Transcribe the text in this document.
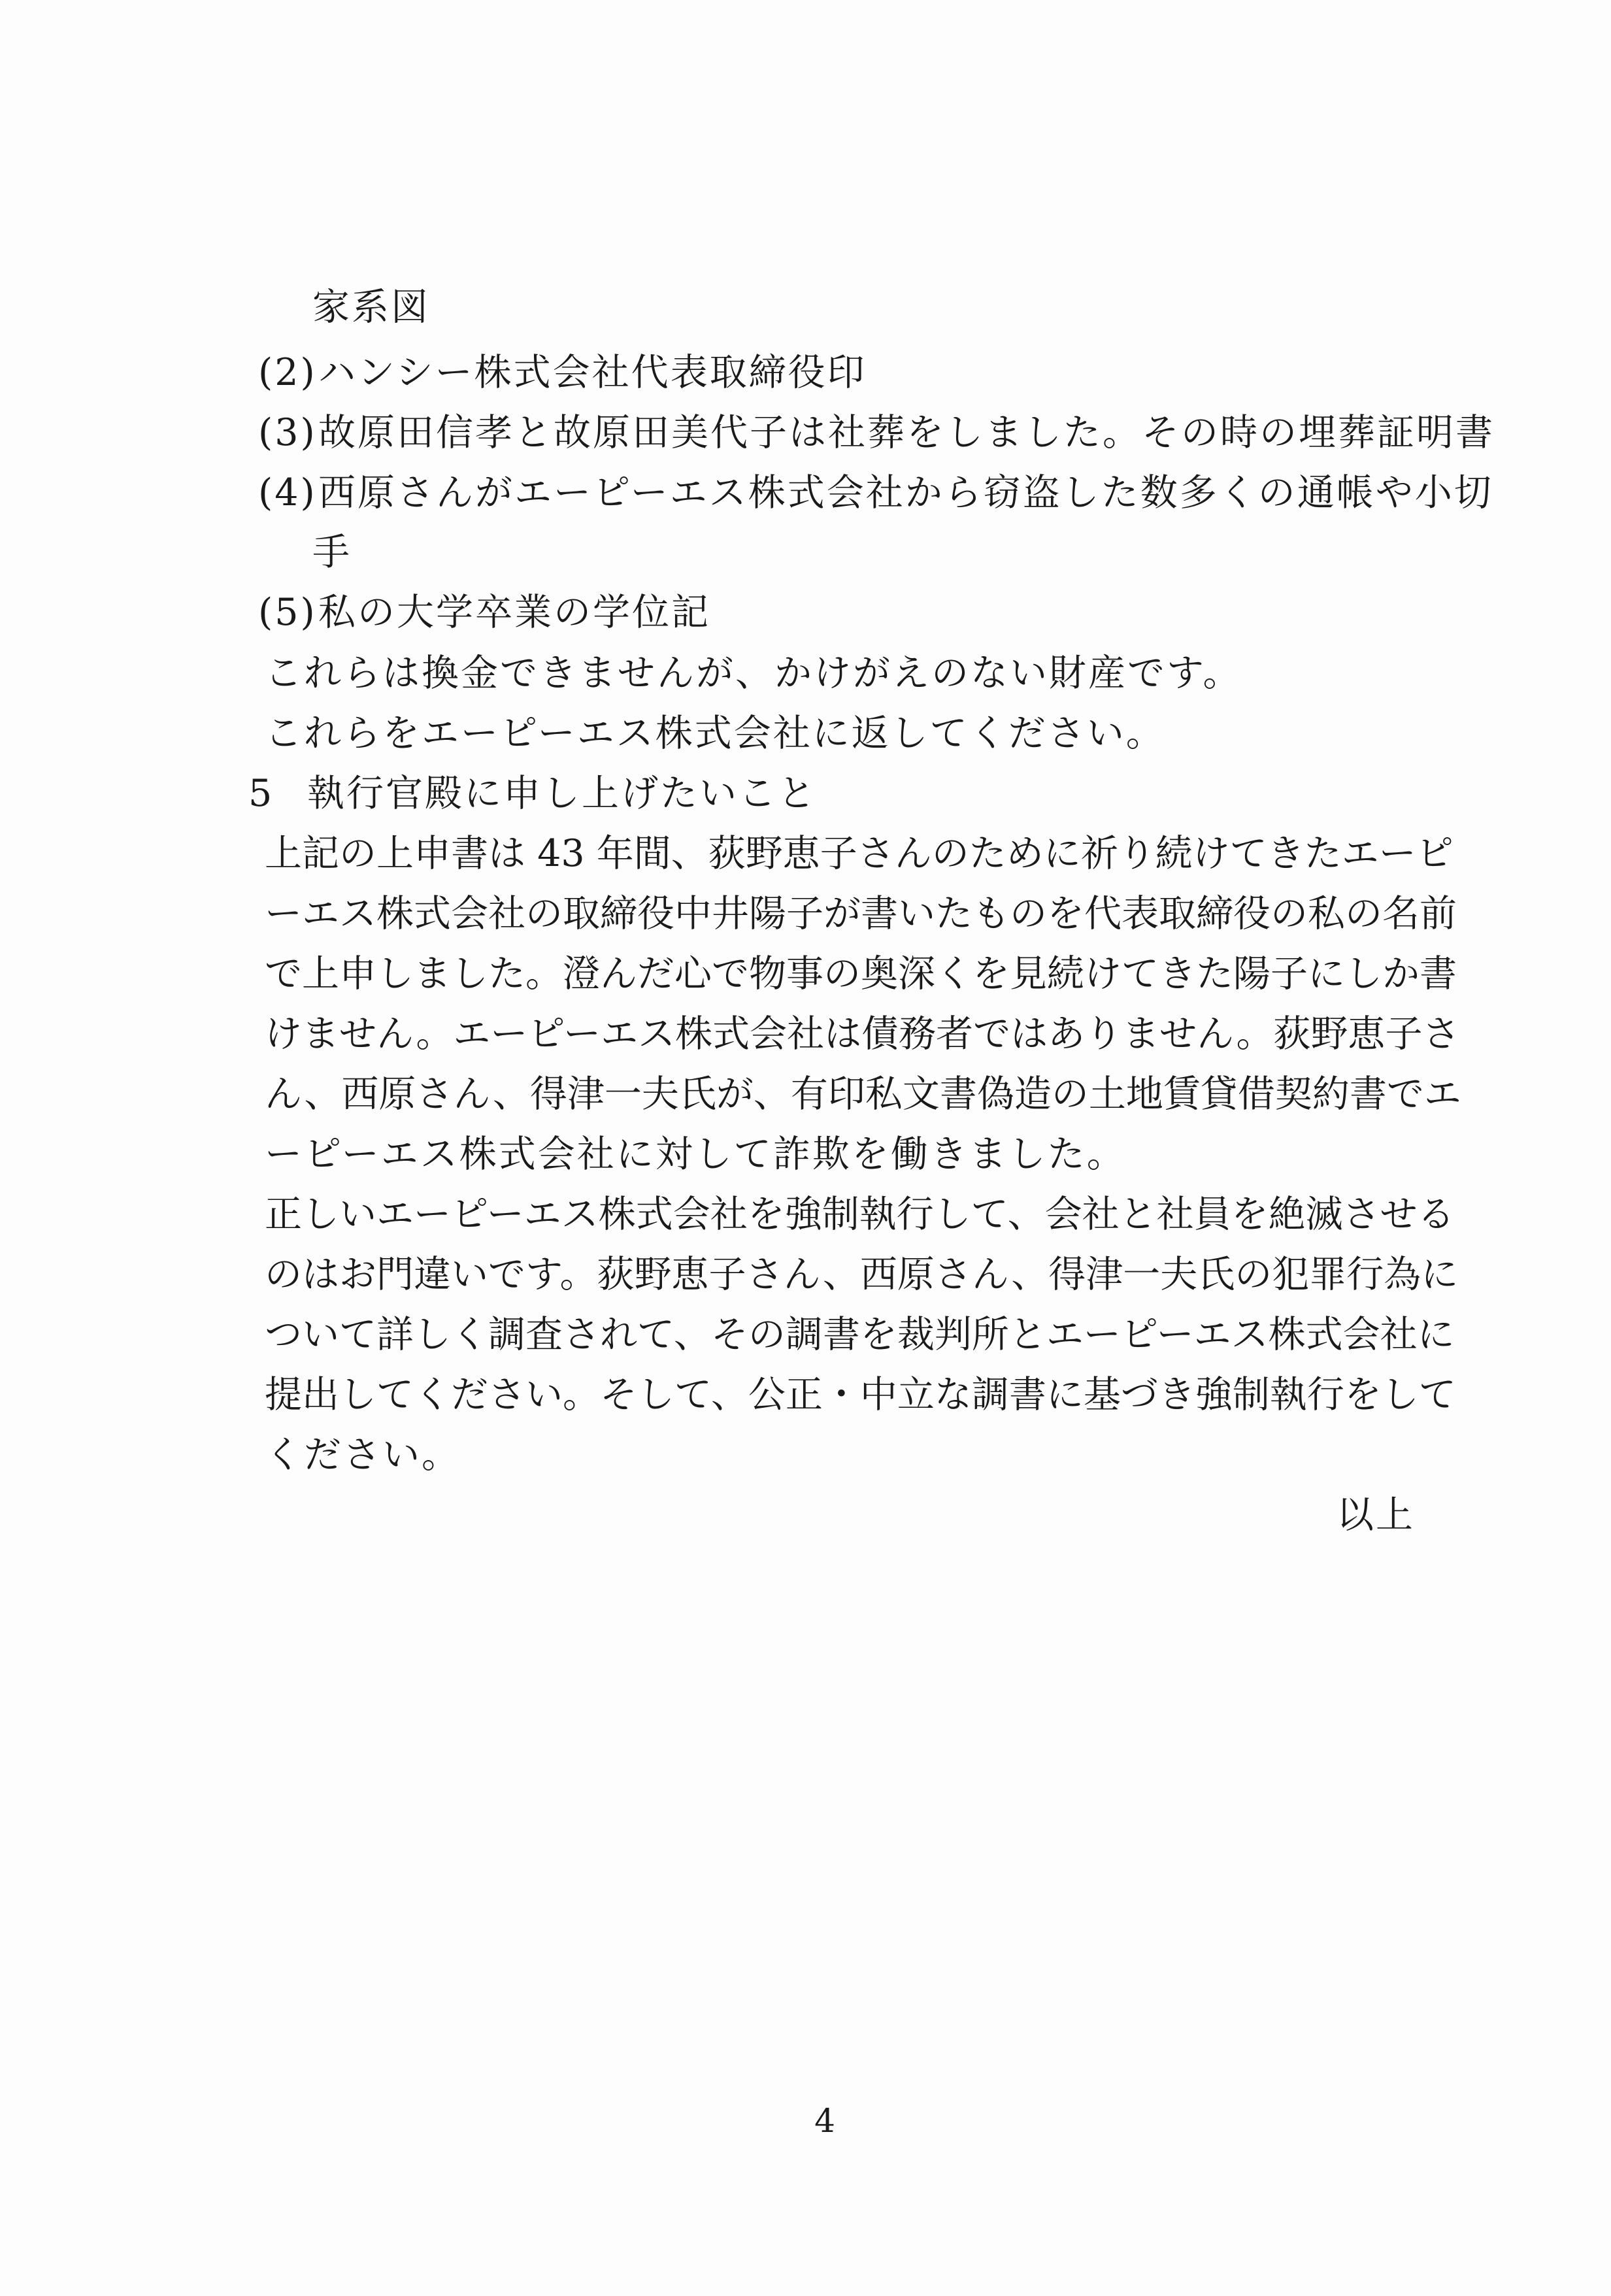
家系図
(2)ハンシー株式会社代表取締役印
(3)故原田信孝と故原田美代子は社葬をしました。その時の埋葬証明書
(4)西原さんがエーピーエス株式会社から窃盗した数多くの通帳や小切
手
(5)私の大学卒業の学位記
これらは換金できませんが、かけがえのない財産です。
これらをエーピーエス株式会社に返してください。
5 執行官殿に申し上げたいこと
上記の上申書は 43 年間、荻野恵子さんのために祈り続けてきたエーピ
ーエス株式会社の取締役中井陽子が書いたものを代表取締役の私の名前
で上申しました。澄んだ心で物事の奥深くを見続けてきた陽子にしか書
けません。エーピーエス株式会社は債務者ではありません。荻野恵子さ
ん、西原さん、得津一夫氏が、有印私文書偽造の土地賃貸借契約書でエ
ーピーエス株式会社に対して詐欺を働きました。
正しいエーピーエス株式会社を強制執行して、会社と社員を絶滅させる
のはお門違いです。荻野恵子さん、西原さん、得津一夫氏の犯罪行為に
ついて詳しく調査されて、その調書を裁判所とエーピーエス株式会社に
提出してください。そして、公正・中立な調書に基づき強制執行をして
ください。
以上
4
